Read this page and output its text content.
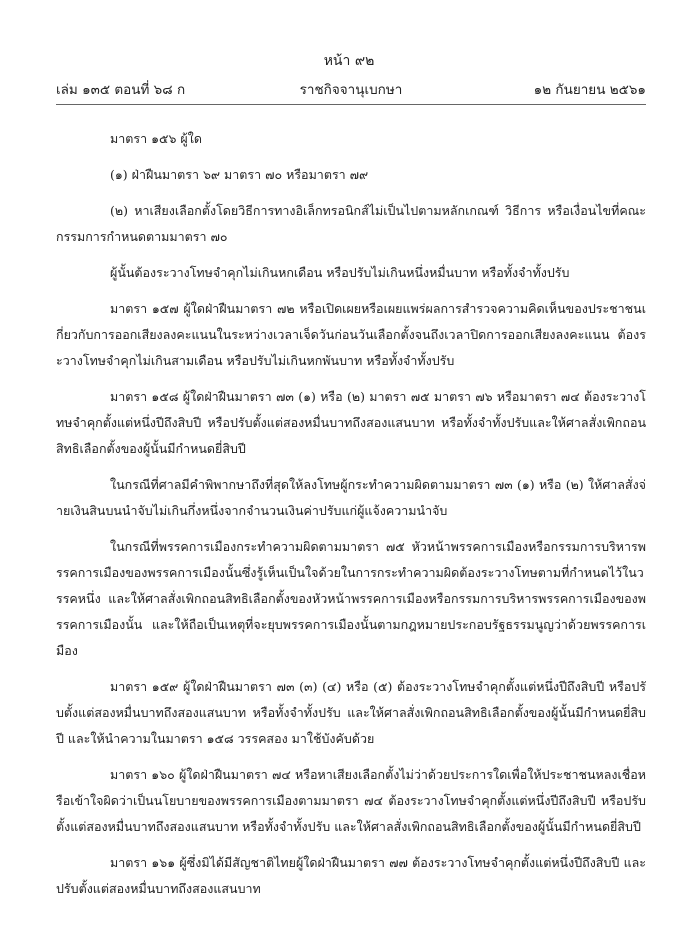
หน้า ๙๒
เล่ม ๑๓๕ ตอนที่ ๖๘ ก	ราชกิจจานุเบกษา	๑๒ กันยายน ๒๕๖๑

มาตรา ๑๕๖ ผู้ใด

(๑) ฝ่าฝืนมาตรา ๖๙ มาตรา ๗๐ หรือมาตรา ๗๙

(๒) หาเสียงเลือกตั้งโดยวิธีการทางอิเล็กทรอนิกส์ไม่เป็นไปตามหลักเกณฑ์ วิธีการ หรือเงื่อนไขที่คณะกรรมการกำหนดตามมาตรา ๗๐

ผู้นั้นต้องระวางโทษจำคุกไม่เกินหกเดือน หรือปรับไม่เกินหนึ่งหมื่นบาท หรือทั้งจำทั้งปรับ

มาตรา ๑๕๗ ผู้ใดฝ่าฝืนมาตรา ๗๒ หรือเปิดเผยหรือเผยแพร่ผลการสำรวจความคิดเห็นของประชาชนเกี่ยวกับการออกเสียงลงคะแนนในระหว่างเวลาเจ็ดวันก่อนวันเลือกตั้งจนถึงเวลาปิดการออกเสียงลงคะแนน ต้องระวางโทษจำคุกไม่เกินสามเดือน หรือปรับไม่เกินหกพันบาท หรือทั้งจำทั้งปรับ

มาตรา ๑๕๘ ผู้ใดฝ่าฝืนมาตรา ๗๓ (๑) หรือ (๒) มาตรา ๗๕ มาตรา ๗๖ หรือมาตรา ๗๔ ต้องระวางโทษจำคุกตั้งแต่หนึ่งปีถึงสิบปี หรือปรับตั้งแต่สองหมื่นบาทถึงสองแสนบาท หรือทั้งจำทั้งปรับและให้ศาลสั่งเพิกถอนสิทธิเลือกตั้งของผู้นั้นมีกำหนดยี่สิบปี

ในกรณีที่ศาลมีคำพิพากษาถึงที่สุดให้ลงโทษผู้กระทำความผิดตามมาตรา ๗๓ (๑) หรือ (๒) ให้ศาลสั่งจ่ายเงินสินบนนำจับไม่เกินกึ่งหนึ่งจากจำนวนเงินค่าปรับแก่ผู้แจ้งความนำจับ

ในกรณีที่พรรคการเมืองกระทำความผิดตามมาตรา ๗๕ หัวหน้าพรรคการเมืองหรือกรรมการบริหารพรรคการเมืองของพรรคการเมืองนั้นซึ่งรู้เห็นเป็นใจด้วยในการกระทำความผิดต้องระวางโทษตามที่กำหนดไว้ในวรรคหนึ่ง และให้ศาลสั่งเพิกถอนสิทธิเลือกตั้งของหัวหน้าพรรคการเมืองหรือกรรมการบริหารพรรคการเมืองของพรรคการเมืองนั้น และให้ถือเป็นเหตุที่จะยุบพรรคการเมืองนั้นตามกฎหมายประกอบรัฐธรรมนูญว่าด้วยพรรคการเมือง

มาตรา ๑๕๙ ผู้ใดฝ่าฝืนมาตรา ๗๓ (๓) (๔) หรือ (๕) ต้องระวางโทษจำคุกตั้งแต่หนึ่งปีถึงสิบปี หรือปรับตั้งแต่สองหมื่นบาทถึงสองแสนบาท หรือทั้งจำทั้งปรับ และให้ศาลสั่งเพิกถอนสิทธิเลือกตั้งของผู้นั้นมีกำหนดยี่สิบปี และให้นำความในมาตรา ๑๕๘ วรรคสอง มาใช้บังคับด้วย

มาตรา ๑๖๐ ผู้ใดฝ่าฝืนมาตรา ๗๔ หรือหาเสียงเลือกตั้งไม่ว่าด้วยประการใดเพื่อให้ประชาชนหลงเชื่อหรือเข้าใจผิดว่าเป็นนโยบายของพรรคการเมืองตามมาตรา ๗๔ ต้องระวางโทษจำคุกตั้งแต่หนึ่งปีถึงสิบปี หรือปรับตั้งแต่สองหมื่นบาทถึงสองแสนบาท หรือทั้งจำทั้งปรับ และให้ศาลสั่งเพิกถอนสิทธิเลือกตั้งของผู้นั้นมีกำหนดยี่สิบปี

มาตรา ๑๖๑ ผู้ซึ่งมิได้มีสัญชาติไทยผู้ใดฝ่าฝืนมาตรา ๗๗ ต้องระวางโทษจำคุกตั้งแต่หนึ่งปีถึงสิบปี และปรับตั้งแต่สองหมื่นบาทถึงสองแสนบาท
